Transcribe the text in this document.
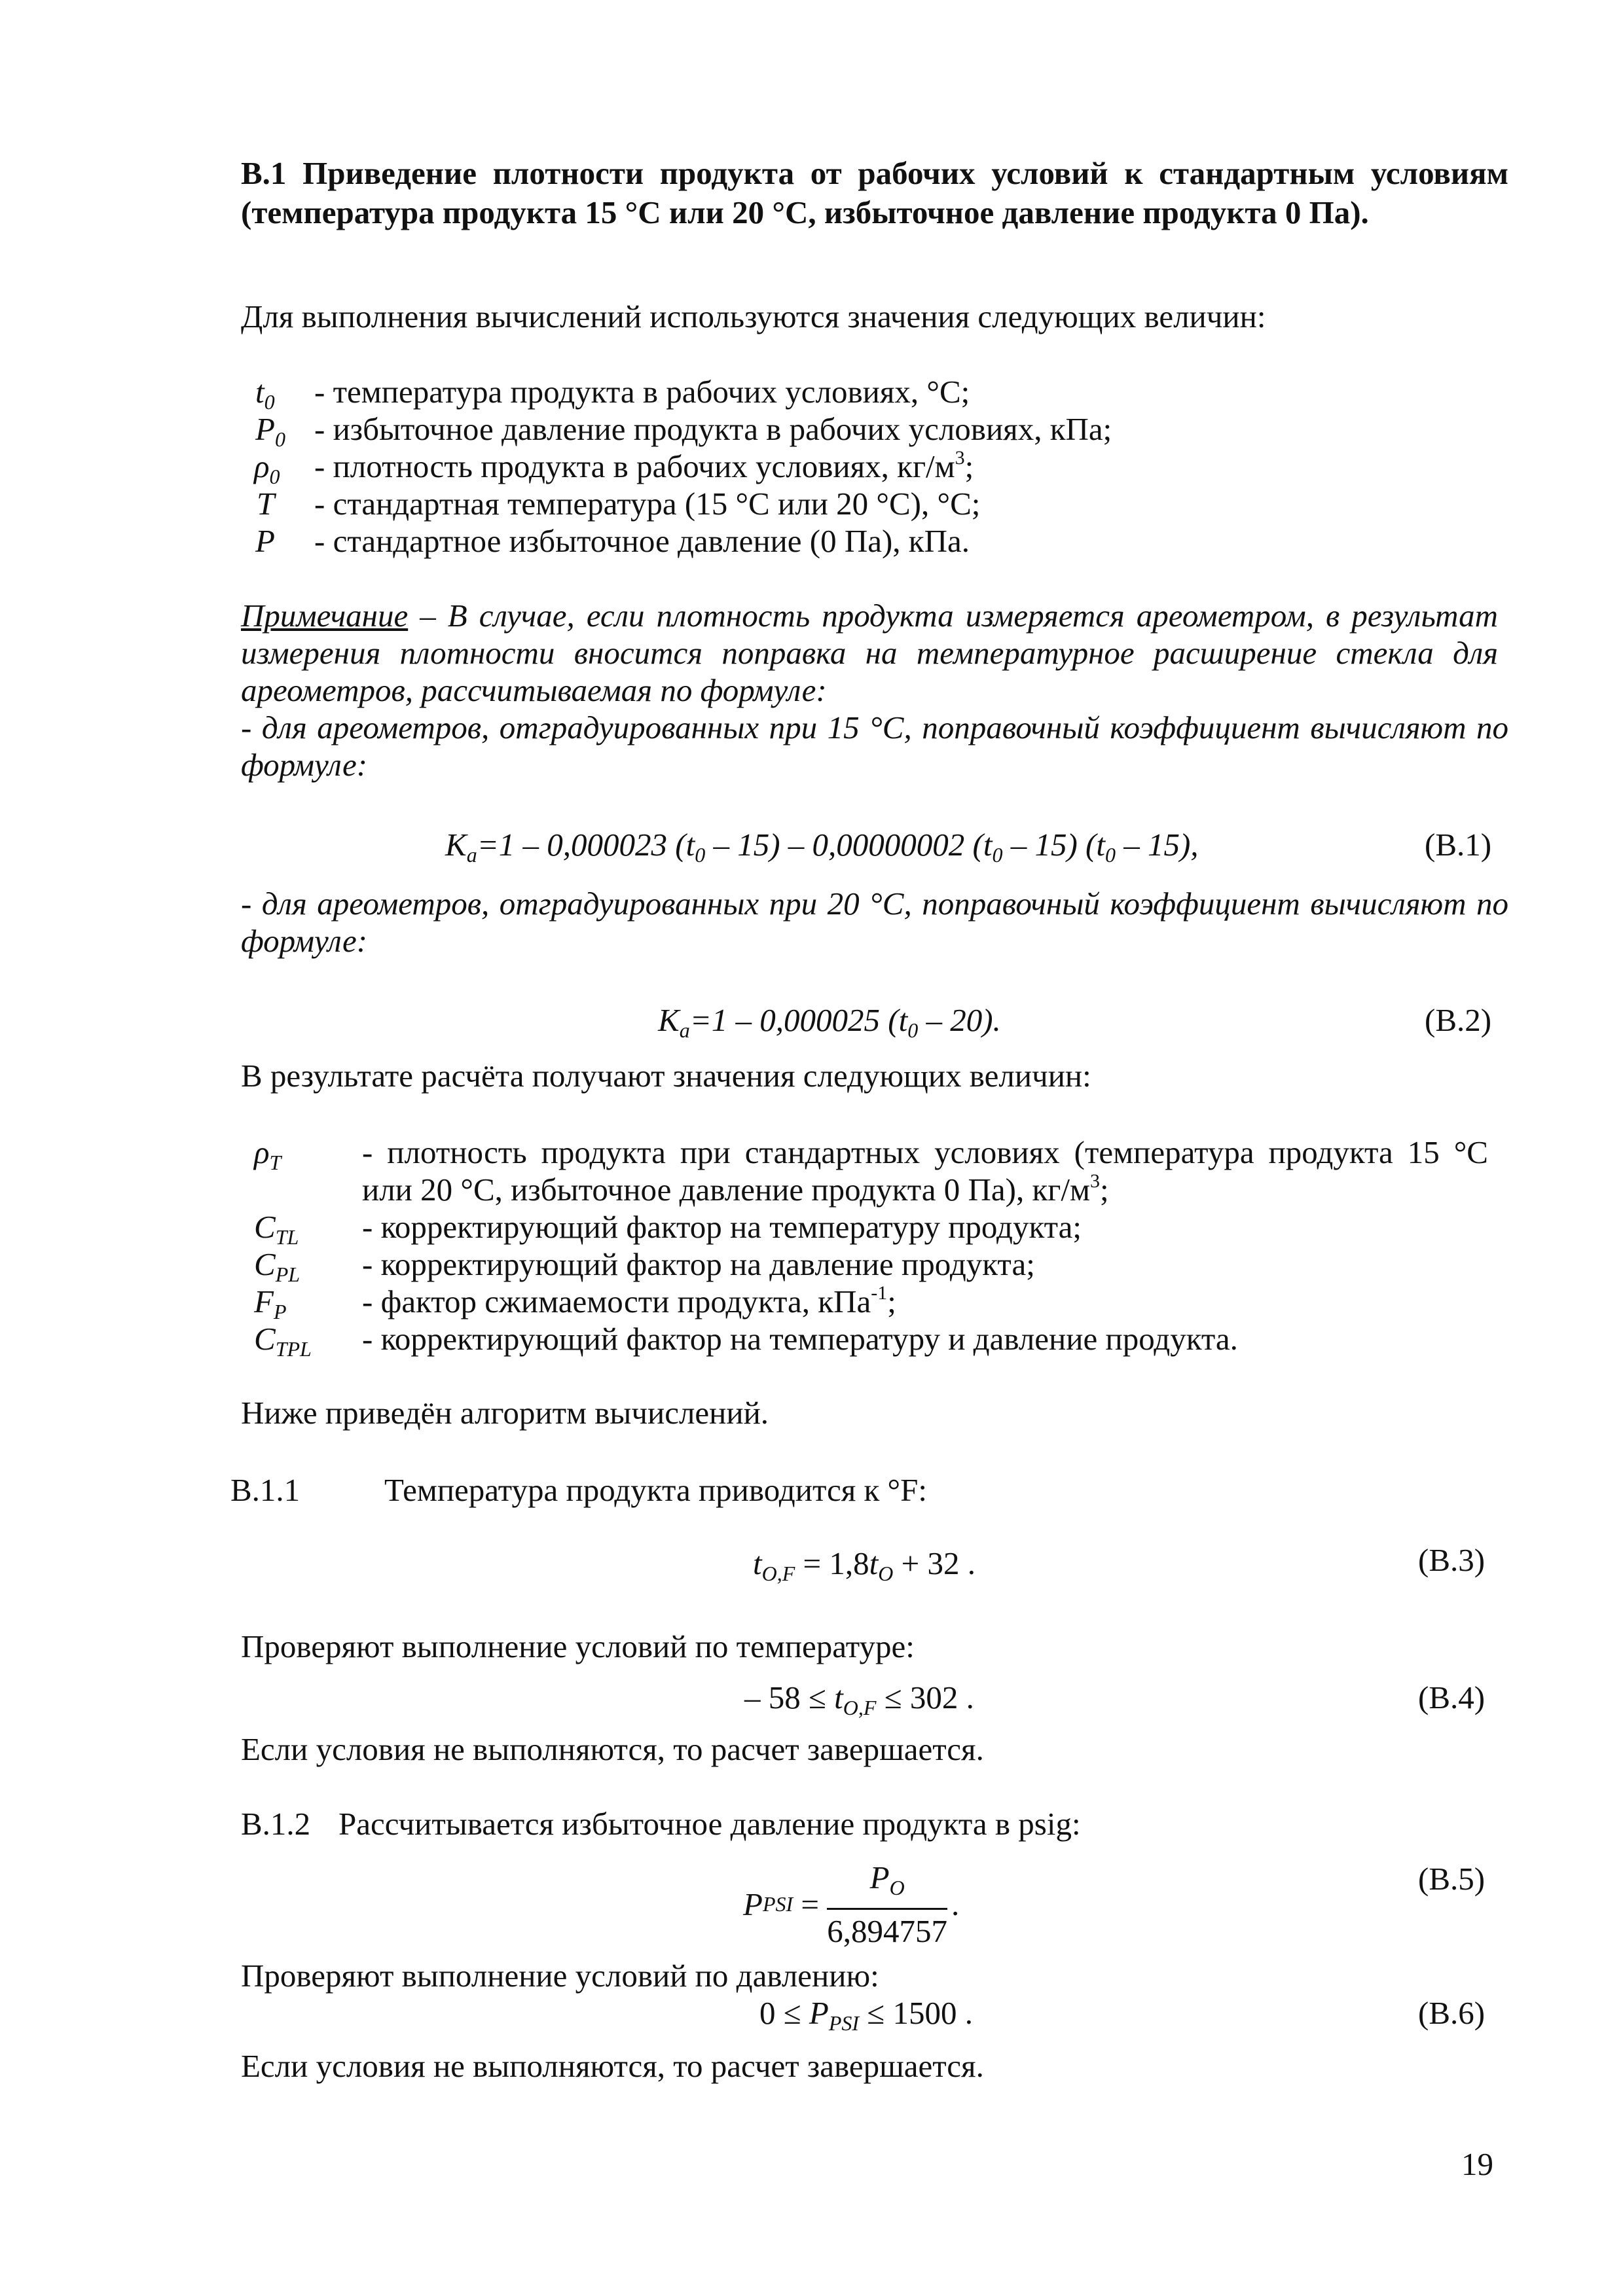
В.1 Приведение плотности продукта от рабочих условий к стандартным условиям
(температура продукта 15 °С или 20 °С, избыточное давление продукта 0 Па).
Для выполнения вычислений используются значения следующих величин:
$t_0$ - температура продукта в рабочих условиях, °С;
$P_0$ - избыточное давление продукта в рабочих условиях, кПа;
$\rho_0$ - плотность продукта в рабочих условиях, $кг/м^3$;
T - стандартная температура (15 °С или 20 °С), °С;
P - стандартное избыточное давление (0 Па), кПа.
Примечание – В случае, если плотность продукта измеряется ареометром, в результат
измерения плотности вносится поправка на температурное расширение стекла для
ареометров, рассчитываемая по формуле:
- для ареометров, отградуированных при 15 °С, поправочный коэффициент вычисляют по
формуле:
$K_a=1 - 0,000023$ $(t_0 - 15) - 0,00000002$ $(t_0 - 15)$ $(t_0 - 15)$,	(В.1)
- для ареометров, отградуированных при 20 °С, поправочный коэффициент вычисляют по
формуле:
$K_a=1 - 0,000025$ $(t_0 - 20)$.	(В.2)
В результате расчёта получают значения следующих величин:
$\rho_T$	- плотность продукта при стандартных условиях (температура продукта 15 °С
или 20 °С, избыточное давление продукта 0 Па), $кг/м^3$;
$C_{TL}$ - корректирующий фактор на температуру продукта;
$C_{PL}$ - корректирующий фактор на давление продукта;
$F_P$ - фактор сжимаемости продукта, кПа$^{-1}$;
$C_{TPL}$ - корректирующий фактор на температуру и давление продукта.
Ниже приведён алгоритм вычислений.
В.1.1	Температура продукта приводится к °F:
$t_{O,F} = 1,8t_O + 32$ .	(В.3)
Проверяют выполнение условий по температуре:
– $58 \le t_{O,F} \le 302$ .	(В.4)
Если условия не выполняются, то расчет завершается.
В.1.2 Рассчитывается избыточное давление продукта в psig:
P PSI = $\frac{P_O}{6,894757}$ .
(В.5)
Проверяют выполнение условий по давлению:
$0 \le P_{PSI} \le 1500$ .	(В.6)
Если условия не выполняются, то расчет завершается.
19
